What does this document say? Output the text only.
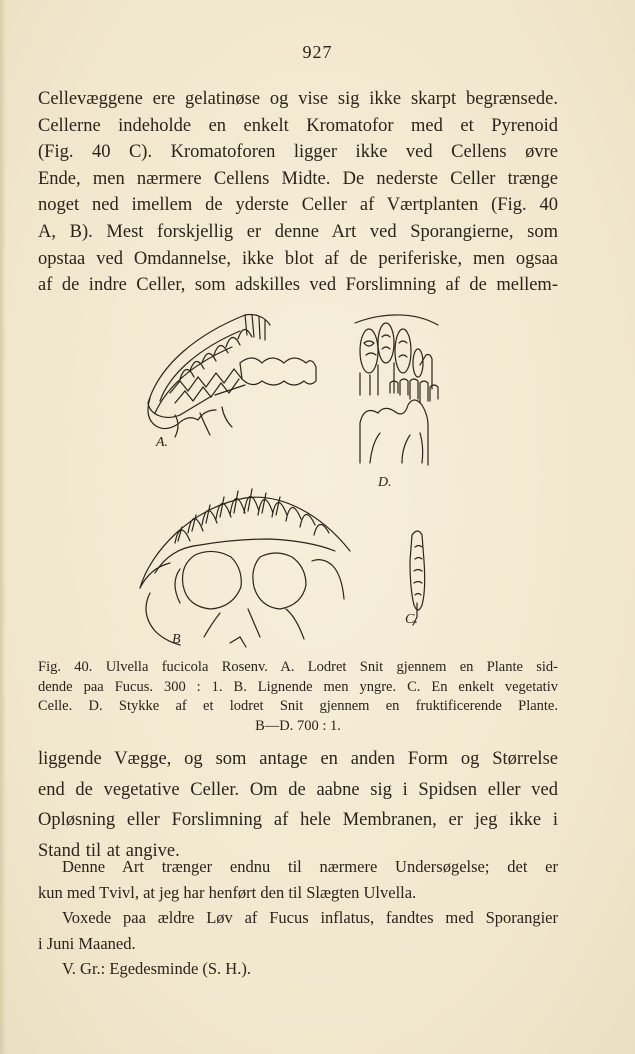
927
Cellevæggene ere gelatinøse og vise sig ikke skarpt begrænsede.
Cellerne indeholde en enkelt Kromatofor med et Pyrenoid
(Fig. 40 C). Kromatoforen ligger ikke ved Cellens øvre
Ende, men nærmere Cellens Midte. De nederste Celler trænge
noget ned imellem de yderste Celler af Værtplanten (Fig. 40
A, B). Mest forskjellig er denne Art ved Sporangierne, som
opstaa ved Omdannelse, ikke blot af de periferiske, men ogsaa
af de indre Celler, som adskilles ved Forslimning af de mellem-
A.
D.
B
C.
Fig. 40. Ulvella fucicola Rosenv. A. Lodret Snit gjennem en Plante sid-
dende paa Fucus. 300 : 1. B. Lignende men yngre. C. En enkelt vegetativ
Celle. D. Stykke af et lodret Snit gjennem en fruktificerende Plante.
B—D. 700 : 1.
liggende Vægge, og som antage en anden Form og Størrelse
end de vegetative Celler. Om de aabne sig i Spidsen eller ved
Opløsning eller Forslimning af hele Membranen, er jeg ikke i
Stand til at angive.
Denne Art trænger endnu til nærmere Undersøgelse; det er
kun med Tvivl, at jeg har henført den til Slægten Ulvella.
Voxede paa ældre Løv af Fucus inflatus, fandtes med Sporangier
i Juni Maaned.
V. Gr.: Egedesminde (S. H.).
